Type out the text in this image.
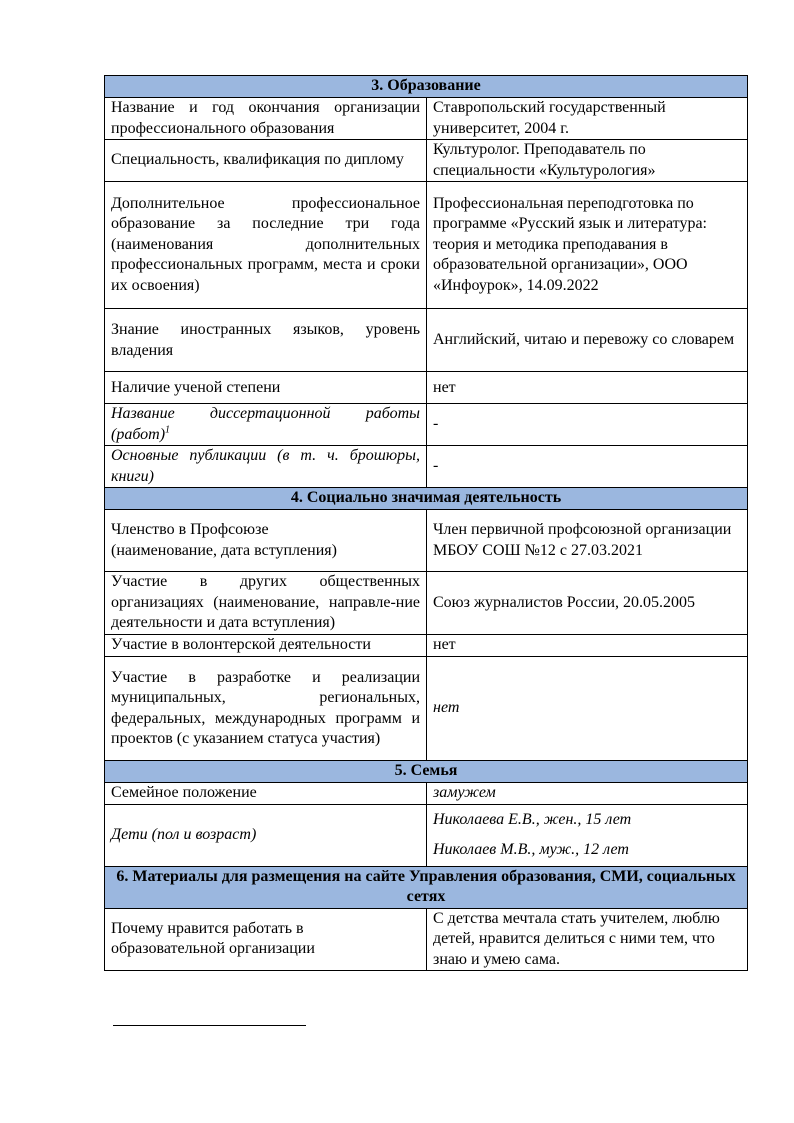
3. Образование	
Название и год окончания организации профессионального образования	Ставропольский государственный университет, 2004 г.
Специальность, квалификация по диплому	Культуролог. Преподаватель по специальности «Культурология»
Дополнительное профессиональное образование за последние три года (наименования дополнительных профессиональных программ, места и сроки их освоения)	Профессиональная переподготовка по программе «Русский язык и литература: теория и методика преподавания в образовательной организации», ООО «Инфоурок», 14.09.2022
Знание иностранных языков, уровень владения	Английский, читаю и перевожу со словарем
Наличие ученой степени	нет
Название диссертационной работы (работ)$^1$	-
Основные публикации (в т. ч. брошюры, книги)	-
4. Социально значимая деятельность	

Членство в Профсоюзе
(наименование, дата вступления)	Член первичной профсоюзной организации МБОУ СОШ №12 с 27.03.2021
Участие в других общественных организациях (наименование, направле-ние деятельности и дата вступления)	Союз журналистов России, 20.05.2005
Участие в волонтерской деятельности	нет
Участие в разработке и реализации муниципальных, региональных, федеральных, международных программ и проектов (с указанием статуса участия)	нет
5. Семья	
Семейное положение	замужем
Дети (пол и возраст)	Николаева Е.В., жен., 15 лет
Николаев М.В., муж., 12 лет

6. Материалы для размещения на сайте Управления образования, СМИ, социальных сетях	
Почему нравится работать в образовательной организации	С детства мечтала стать учителем, люблю детей, нравится делиться с ними тем, что знаю и умею сама.
